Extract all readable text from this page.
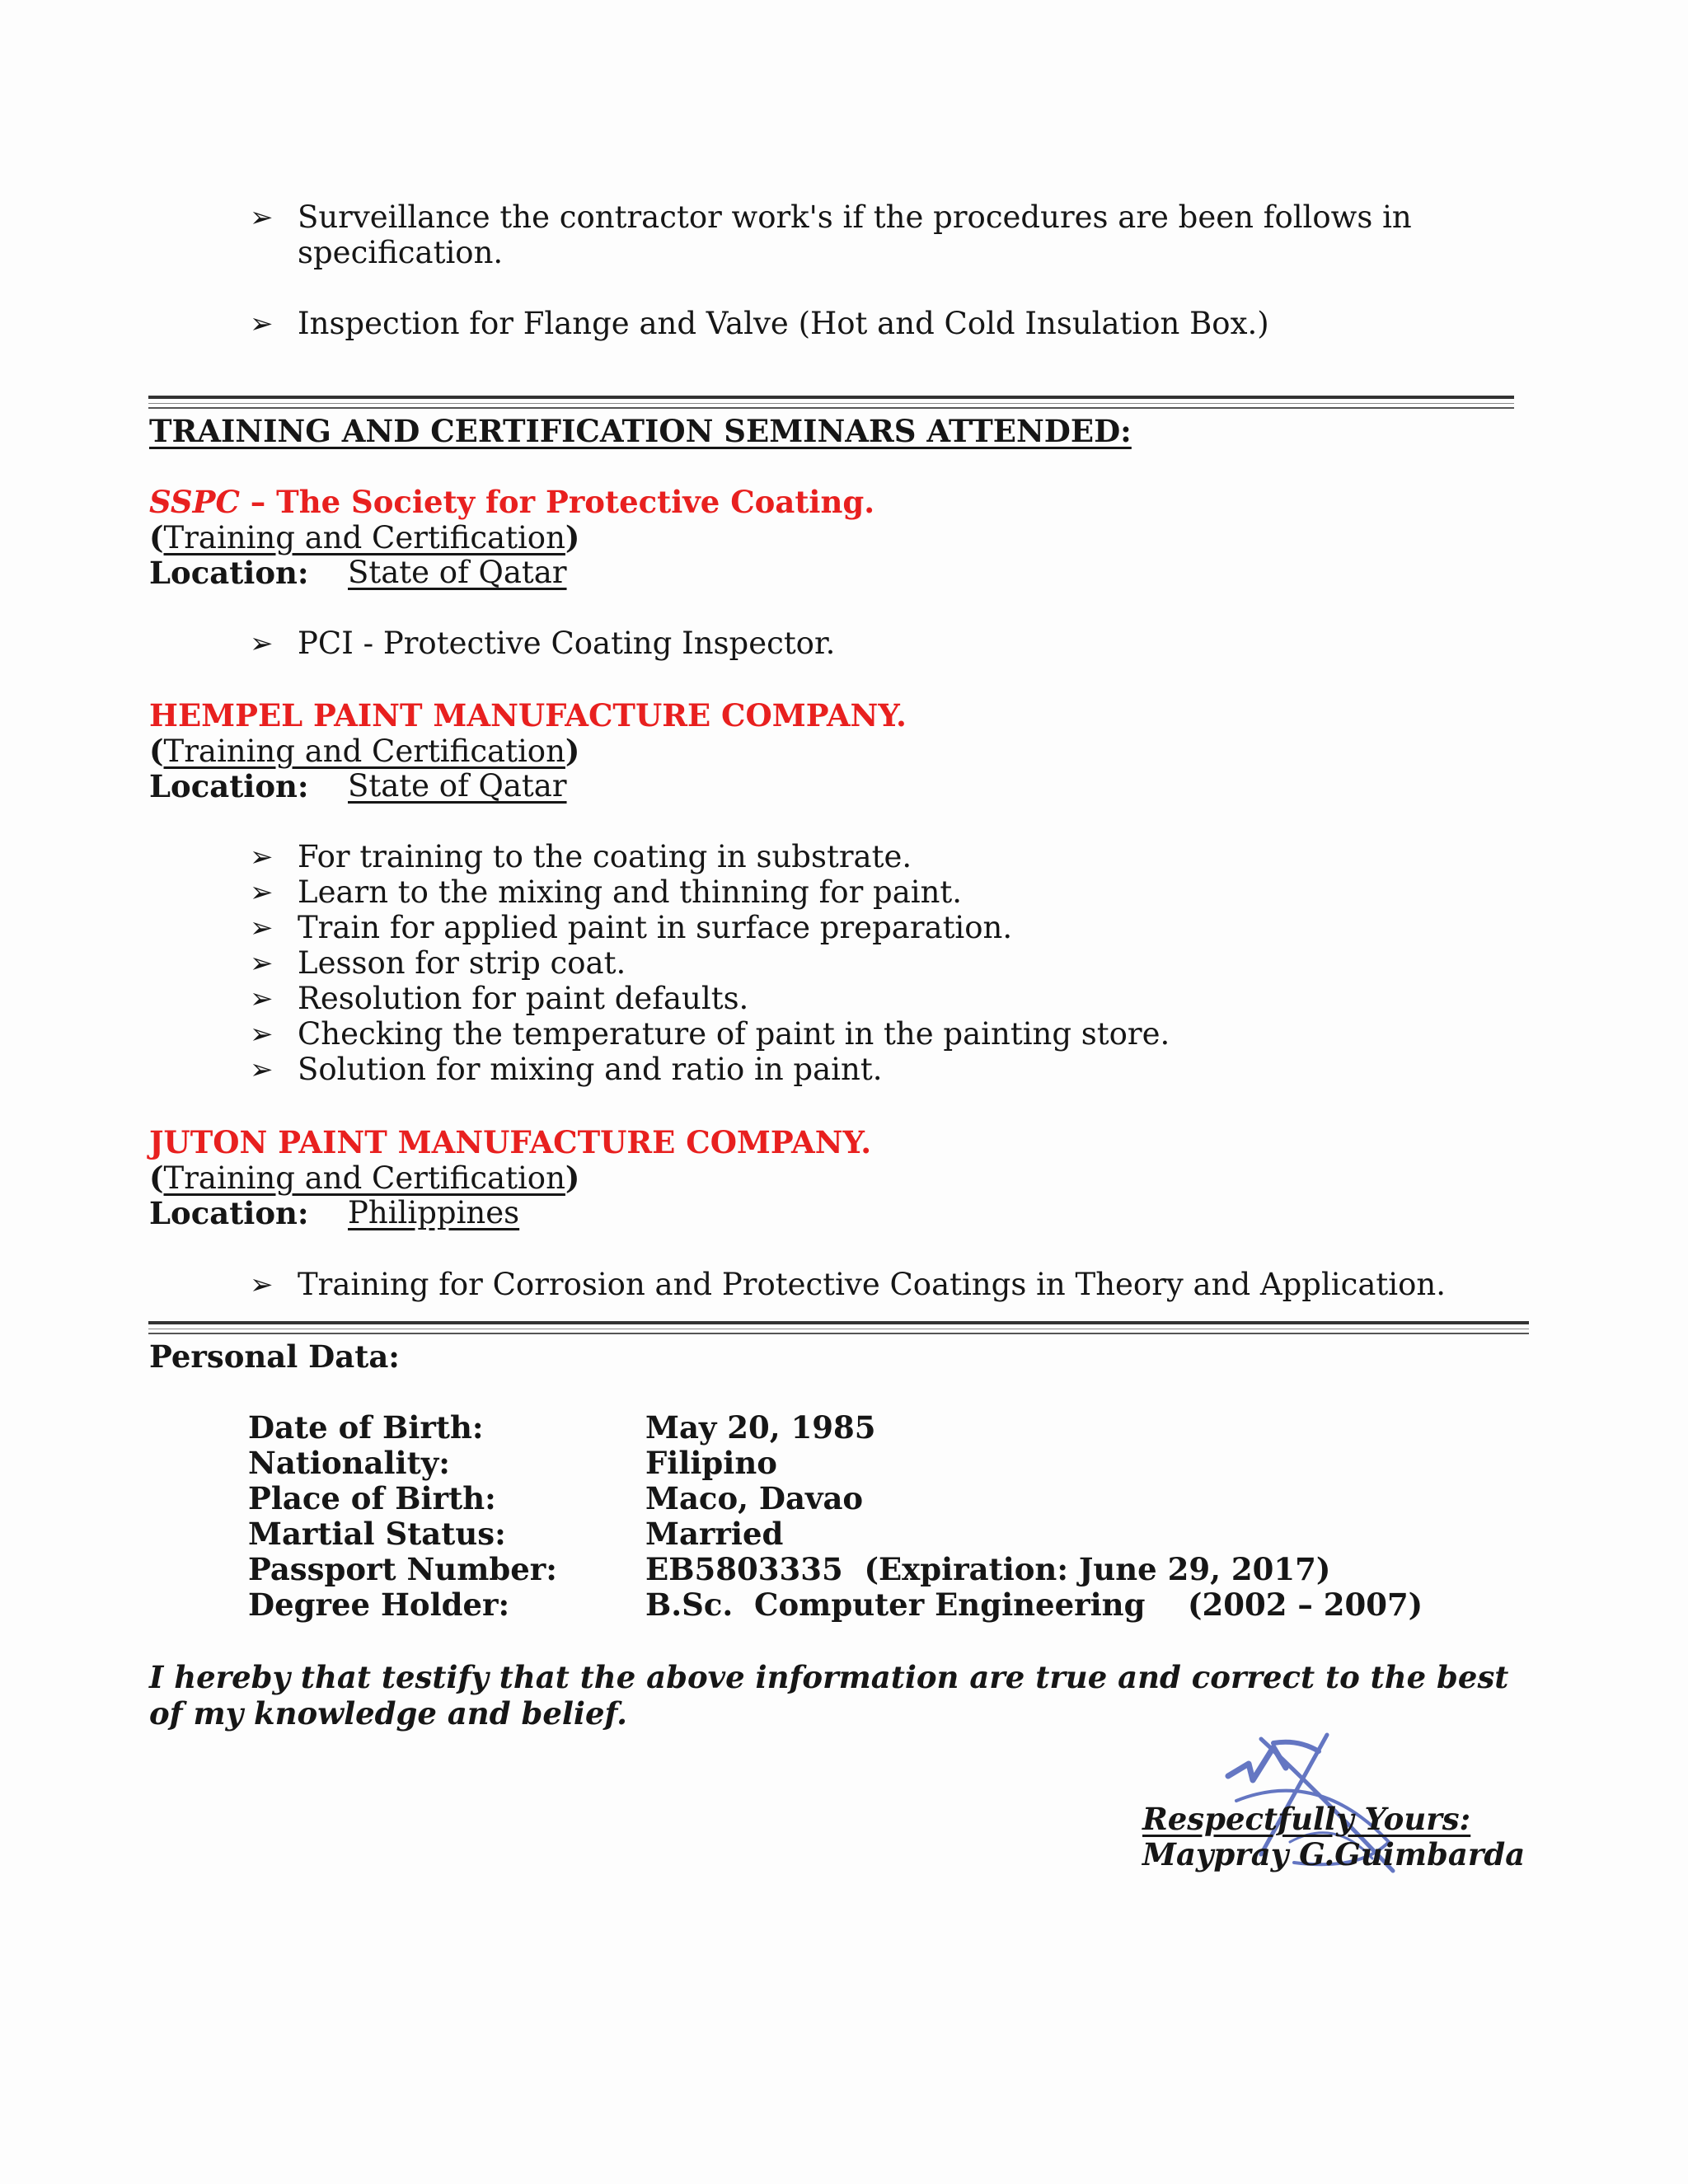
➢ Surveillance the contractor work's if the procedures are been follows in
specification.
➢ Inspection for Flange and Valve (Hot and Cold Insulation Box.)
TRAINING AND CERTIFICATION SEMINARS ATTENDED:
SSPC – The Society for Protective Coating.
(Training and Certification)
Location: State of Qatar
➢ PCI - Protective Coating Inspector.
HEMPEL PAINT MANUFACTURE COMPANY.
(Training and Certification)
Location: State of Qatar
➢ For training to the coating in substrate.
➢ Learn to the mixing and thinning for paint.
➢ Train for applied paint in surface preparation.
➢ Lesson for strip coat.
➢ Resolution for paint defaults.
➢ Checking the temperature of paint in the painting store.
➢ Solution for mixing and ratio in paint.
JUTON PAINT MANUFACTURE COMPANY.
(Training and Certification)
Location: Philippines
➢ Training for Corrosion and Protective Coatings in Theory and Application.
Personal Data:
Date of Birth:	May 20, 1985
Nationality:	Filipino
Place of Birth:	Maco, Davao
Martial Status:	Married
Passport Number:	EB5803335  (Expiration: June 29, 2017)
Degree Holder:	B.Sc.  Computer Engineering    (2002 – 2007)
I hereby that testify that the above information are true and correct to the best of my knowledge and belief.
Respectfully Yours:
Maypray G.Guimbarda
